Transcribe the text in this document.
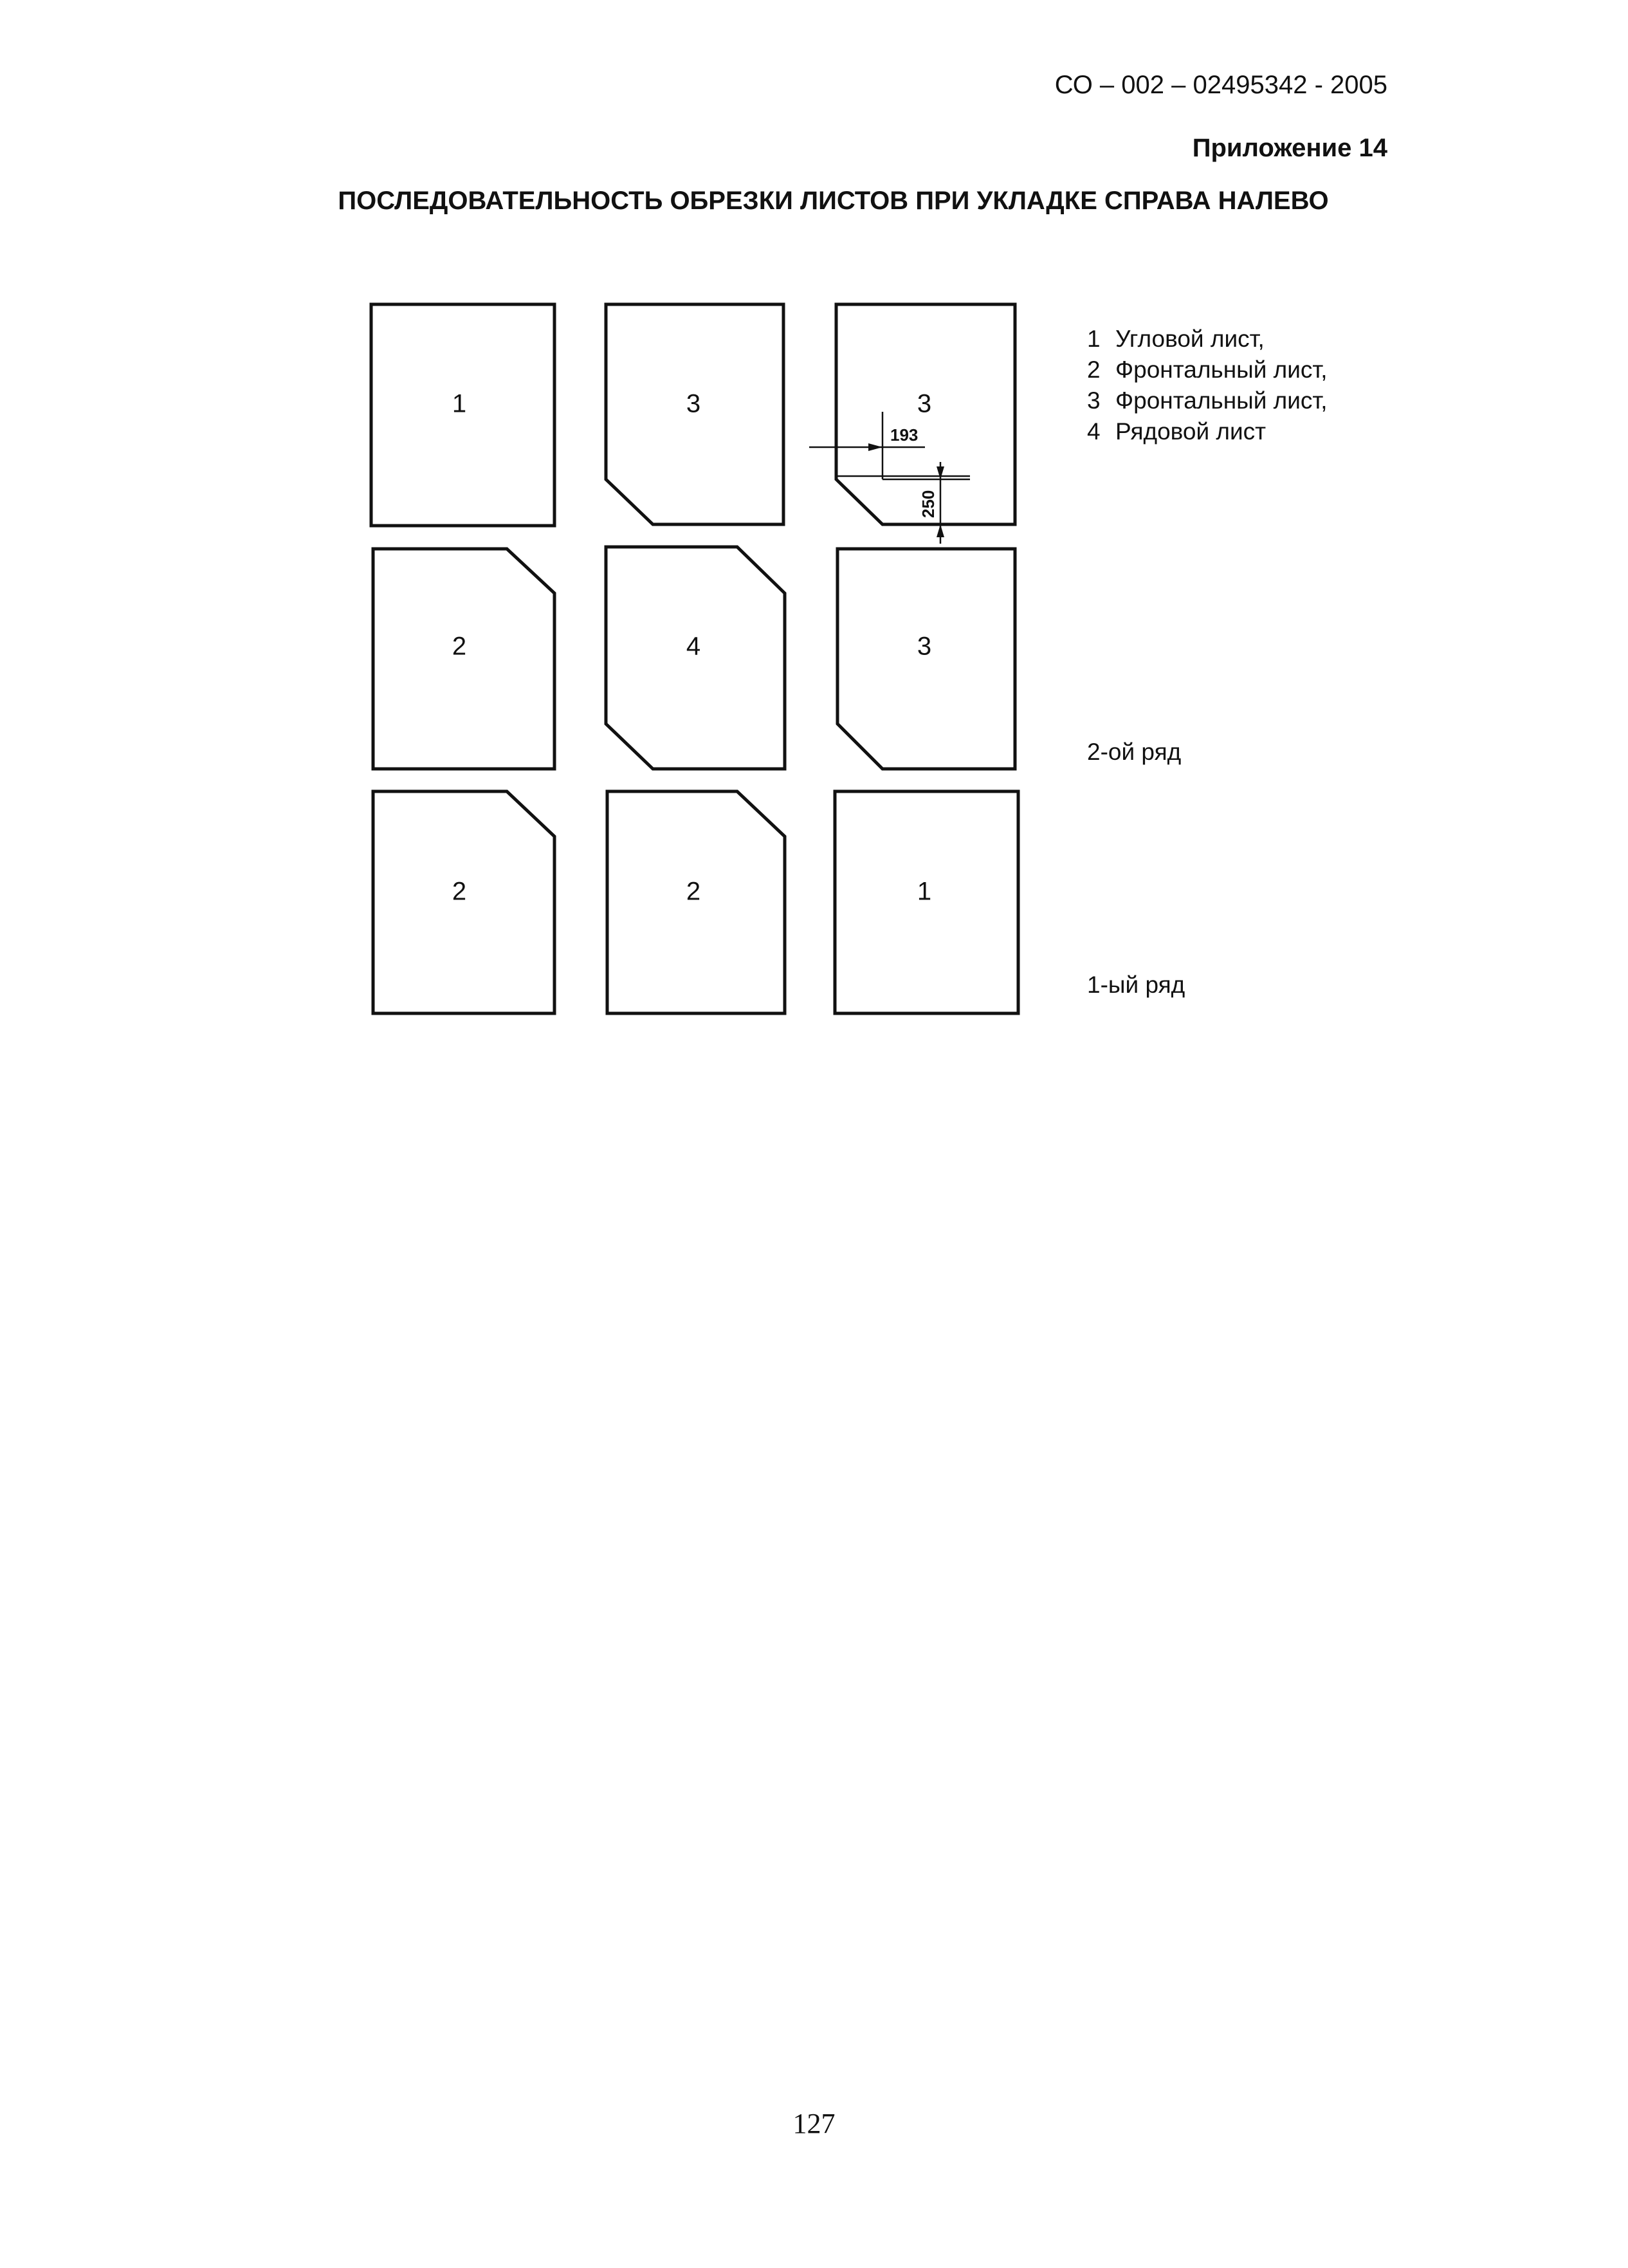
СО – 002 – 02495342 - 2005
Приложение 14
ПОСЛЕДОВАТЕЛЬНОСТЬ ОБРЕЗКИ ЛИСТОВ ПРИ УКЛАДКЕ СПРАВА НАЛЕВО
1	3	3
193
250
2	4	3
2	2	1
1 Угловой лист,
2 Фронтальный лист,
3 Фронтальный лист,
4 Рядовой лист
2-ой ряд
1-ый ряд
127
